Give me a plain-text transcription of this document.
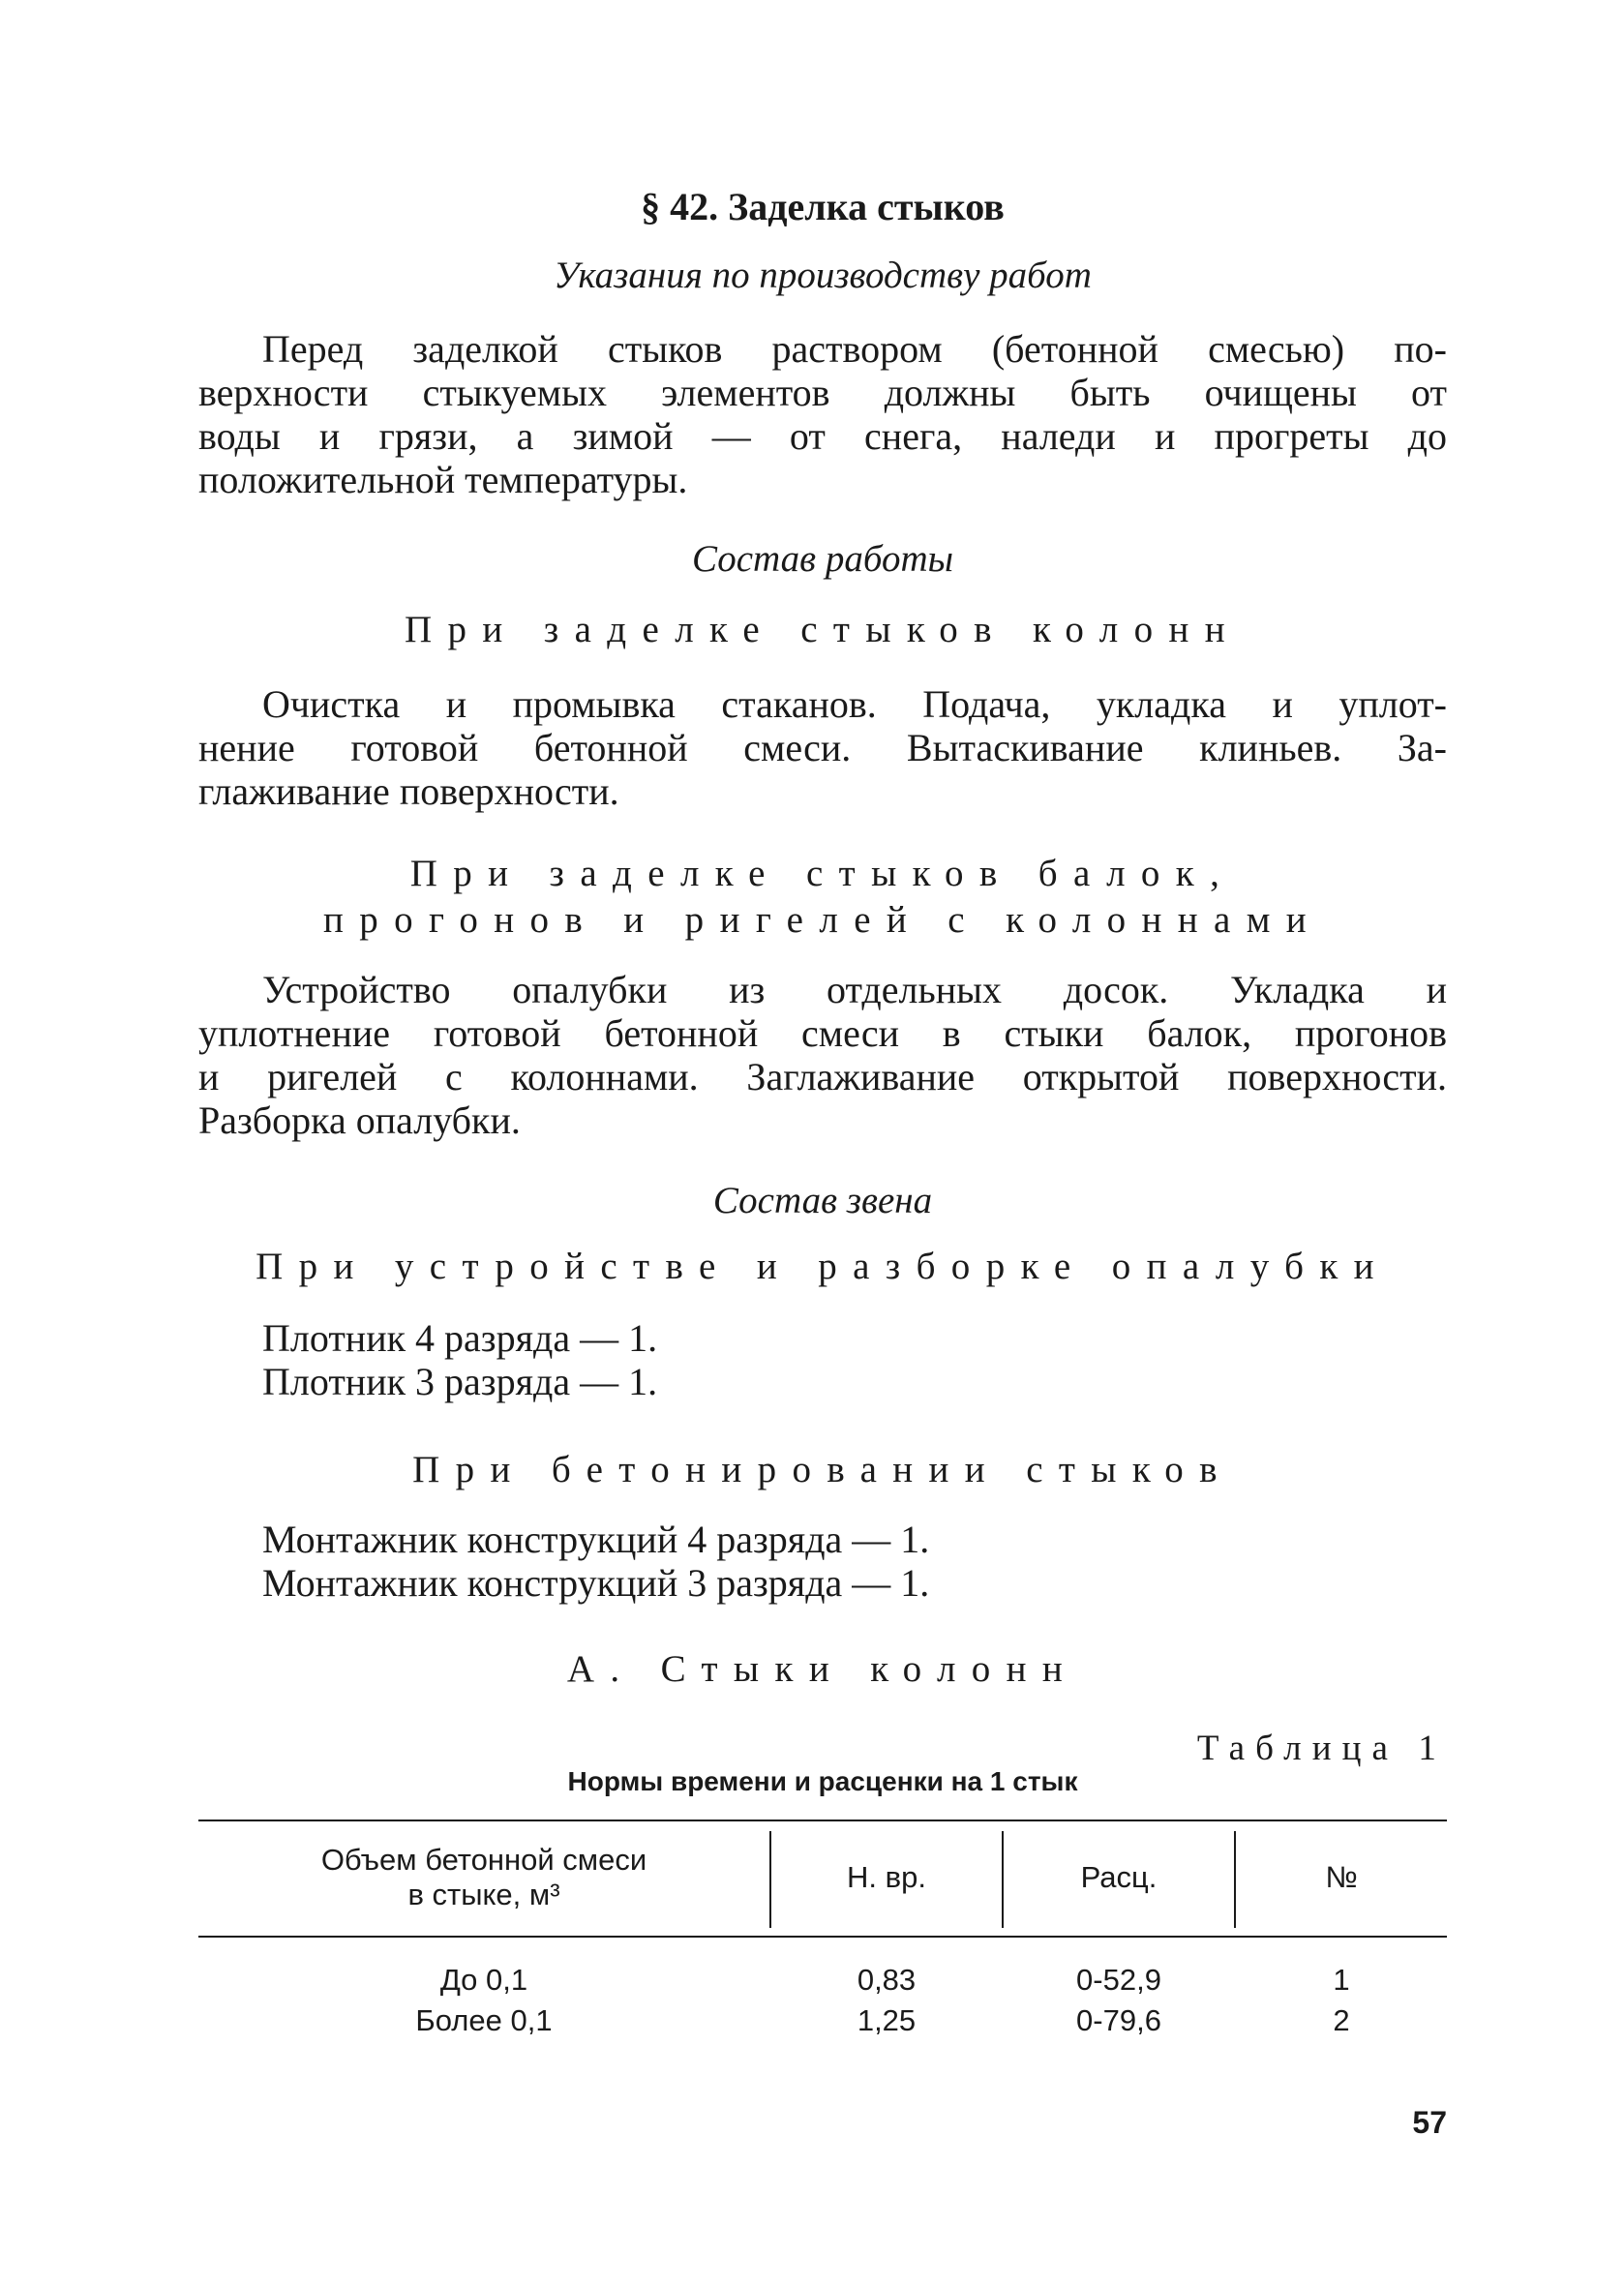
§ 42. Заделка стыков
Указания по производству работ
Перед заделкой стыков раствором (бетонной смесью) по-
верхности стыкуемых элементов должны быть очищены от
воды и грязи, а зимой — от снега, наледи и прогреты до
положительной температуры.
Состав работы
При заделке стыков колонн
Очистка и промывка стаканов. Подача, укладка и уплот-
нение готовой бетонной смеси. Вытаскивание клиньев. За-
глаживание поверхности.
При заделке стыков балок,
прогонов и ригелей с колоннами
Устройство опалубки из отдельных досок. Укладка и
уплотнение готовой бетонной смеси в стыки балок, прогонов
и ригелей с колоннами. Заглаживание открытой поверхности.
Разборка опалубки.
Состав звена
При устройстве и разборке опалубки
Плотник 4 разряда — 1.
Плотник 3 разряда — 1.
При бетонировании стыков
Монтажник конструкций 4 разряда — 1.
Монтажник конструкций 3 разряда — 1.
А. Стыки колонн
Таблица 1
Нормы времени и расценки на 1 стык
Объем бетонной смеси
в стыке, м³
Н. вр.	Расц.	№
До 0,1	0,83	0-52,9	1
Более 0,1	1,25	0-79,6	2
57
